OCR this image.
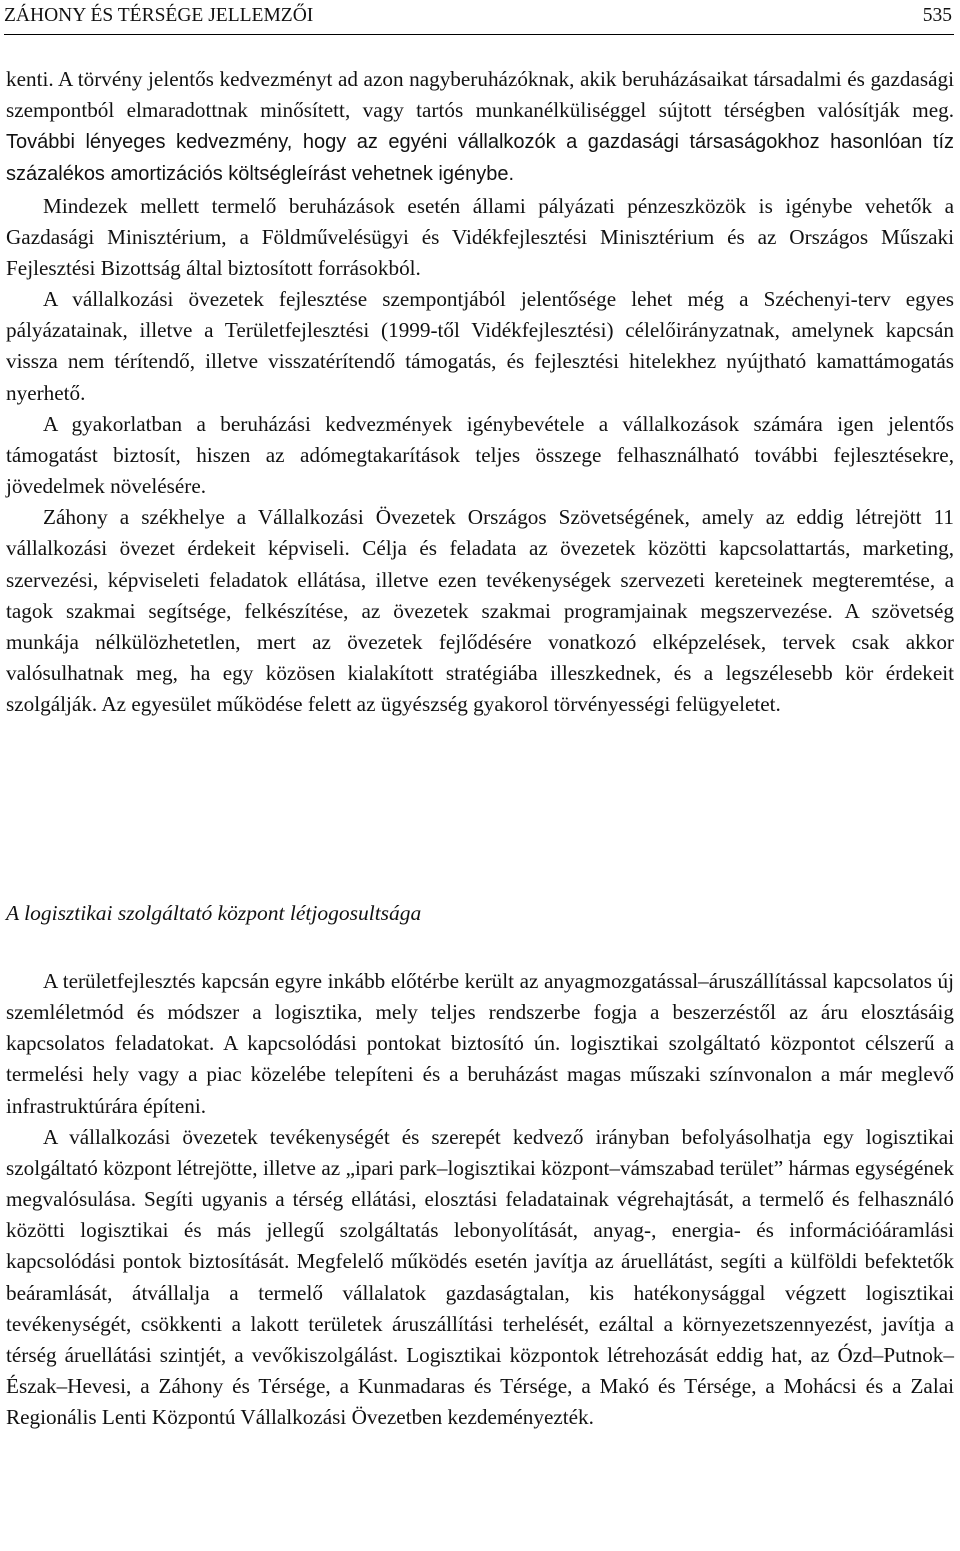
ZÁHONY ÉS TÉRSÉGE JELLEMZŐI	535

kenti. A törvény jelentős kedvezményt ad azon nagyberuházóknak, akik beruházásaikat társadalmi és gazdasági szempontból elmaradottnak minősített, vagy tartós munkanélküliséggel sújtott térségben valósítják meg. További lényeges kedvezmény, hogy az egyéni vállalkozók a gazdasági társaságokhoz hasonlóan tíz százalékos amortizációs költségleírást vehetnek igénybe.

Mindezek mellett termelő beruházások esetén állami pályázati pénzeszközök is igénybe vehetők a Gazdasági Minisztérium, a Földművelésügyi és Vidékfejlesztési Minisztérium és az Országos Műszaki Fejlesztési Bizottság által biztosított forrásokból.

A vállalkozási övezetek fejlesztése szempontjából jelentősége lehet még a Széchenyi-terv egyes pályázatainak, illetve a Területfejlesztési (1999-től Vidékfejlesztési) célelőirányzatnak, amelynek kapcsán vissza nem térítendő, illetve visszatérítendő támogatás, és fejlesztési hitelekhez nyújtható kamattámogatás nyerhető.

A gyakorlatban a beruházási kedvezmények igénybevétele a vállalkozások számára igen jelentős támogatást biztosít, hiszen az adómegtakarítások teljes összege felhasználható további fejlesztésekre, jövedelmek növelésére.

Záhony a székhelye a Vállalkozási Övezetek Országos Szövetségének, amely az eddig létrejött 11 vállalkozási övezet érdekeit képviseli. Célja és feladata az övezetek közötti kapcsolattartás, marketing, szervezési, képviseleti feladatok ellátása, illetve ezen tevékenységek szervezeti kereteinek megteremtése, a tagok szakmai segítsége, felkészítése, az övezetek szakmai programjainak megszervezése. A szövetség munkája nélkülözhetetlen, mert az övezetek fejlődésére vonatkozó elképzelések, tervek csak akkor valósulhatnak meg, ha egy közösen kialakított stratégiába illeszkednek, és a legszélesebb kör érdekeit szolgálják. Az egyesület működése felett az ügyészség gyakorol törvényességi felügyeletet.

A logisztikai szolgáltató központ létjogosultsága

A területfejlesztés kapcsán egyre inkább előtérbe került az anyagmozgatással–áruszállítással kapcsolatos új szemléletmód és módszer a logisztika, mely teljes rendszerbe fogja a beszerzéstől az áru elosztásáig kapcsolatos feladatokat. A kapcsolódási pontokat biztosító ún. logisztikai szolgáltató központot célszerű a termelési hely vagy a piac közelébe telepíteni és a beruházást magas műszaki színvonalon a már meglevő infrastruktúrára építeni.

A vállalkozási övezetek tevékenységét és szerepét kedvező irányban befolyásolhatja egy logisztikai szolgáltató központ létrejötte, illetve az „ipari park–logisztikai központ–vámszabad terület” hármas egységének megvalósulása. Segíti ugyanis a térség ellátási, elosztási feladatainak végrehajtását, a termelő és felhasználó közötti logisztikai és más jellegű szolgáltatás lebonyolítását, anyag-, energia- és információáramlási kapcsolódási pontok biztosítását. Megfelelő működés esetén javítja az áruellátást, segíti a külföldi befektetők beáramlását, átvállalja a termelő vállalatok gazdaságtalan, kis hatékonysággal végzett logisztikai tevékenységét, csökkenti a lakott területek áruszállítási terhelését, ezáltal a környezetszennyezést, javítja a térség áruellátási szintjét, a vevőkiszolgálást. Logisztikai központok létrehozását eddig hat, az Ózd–Putnok–Észak–Hevesi, a Záhony és Térsége, a Kunmadaras és Térsége, a Makó és Térsége, a Mohácsi és a Zalai Regionális Lenti Központú Vállalkozási Övezetben kezdeményezték.
